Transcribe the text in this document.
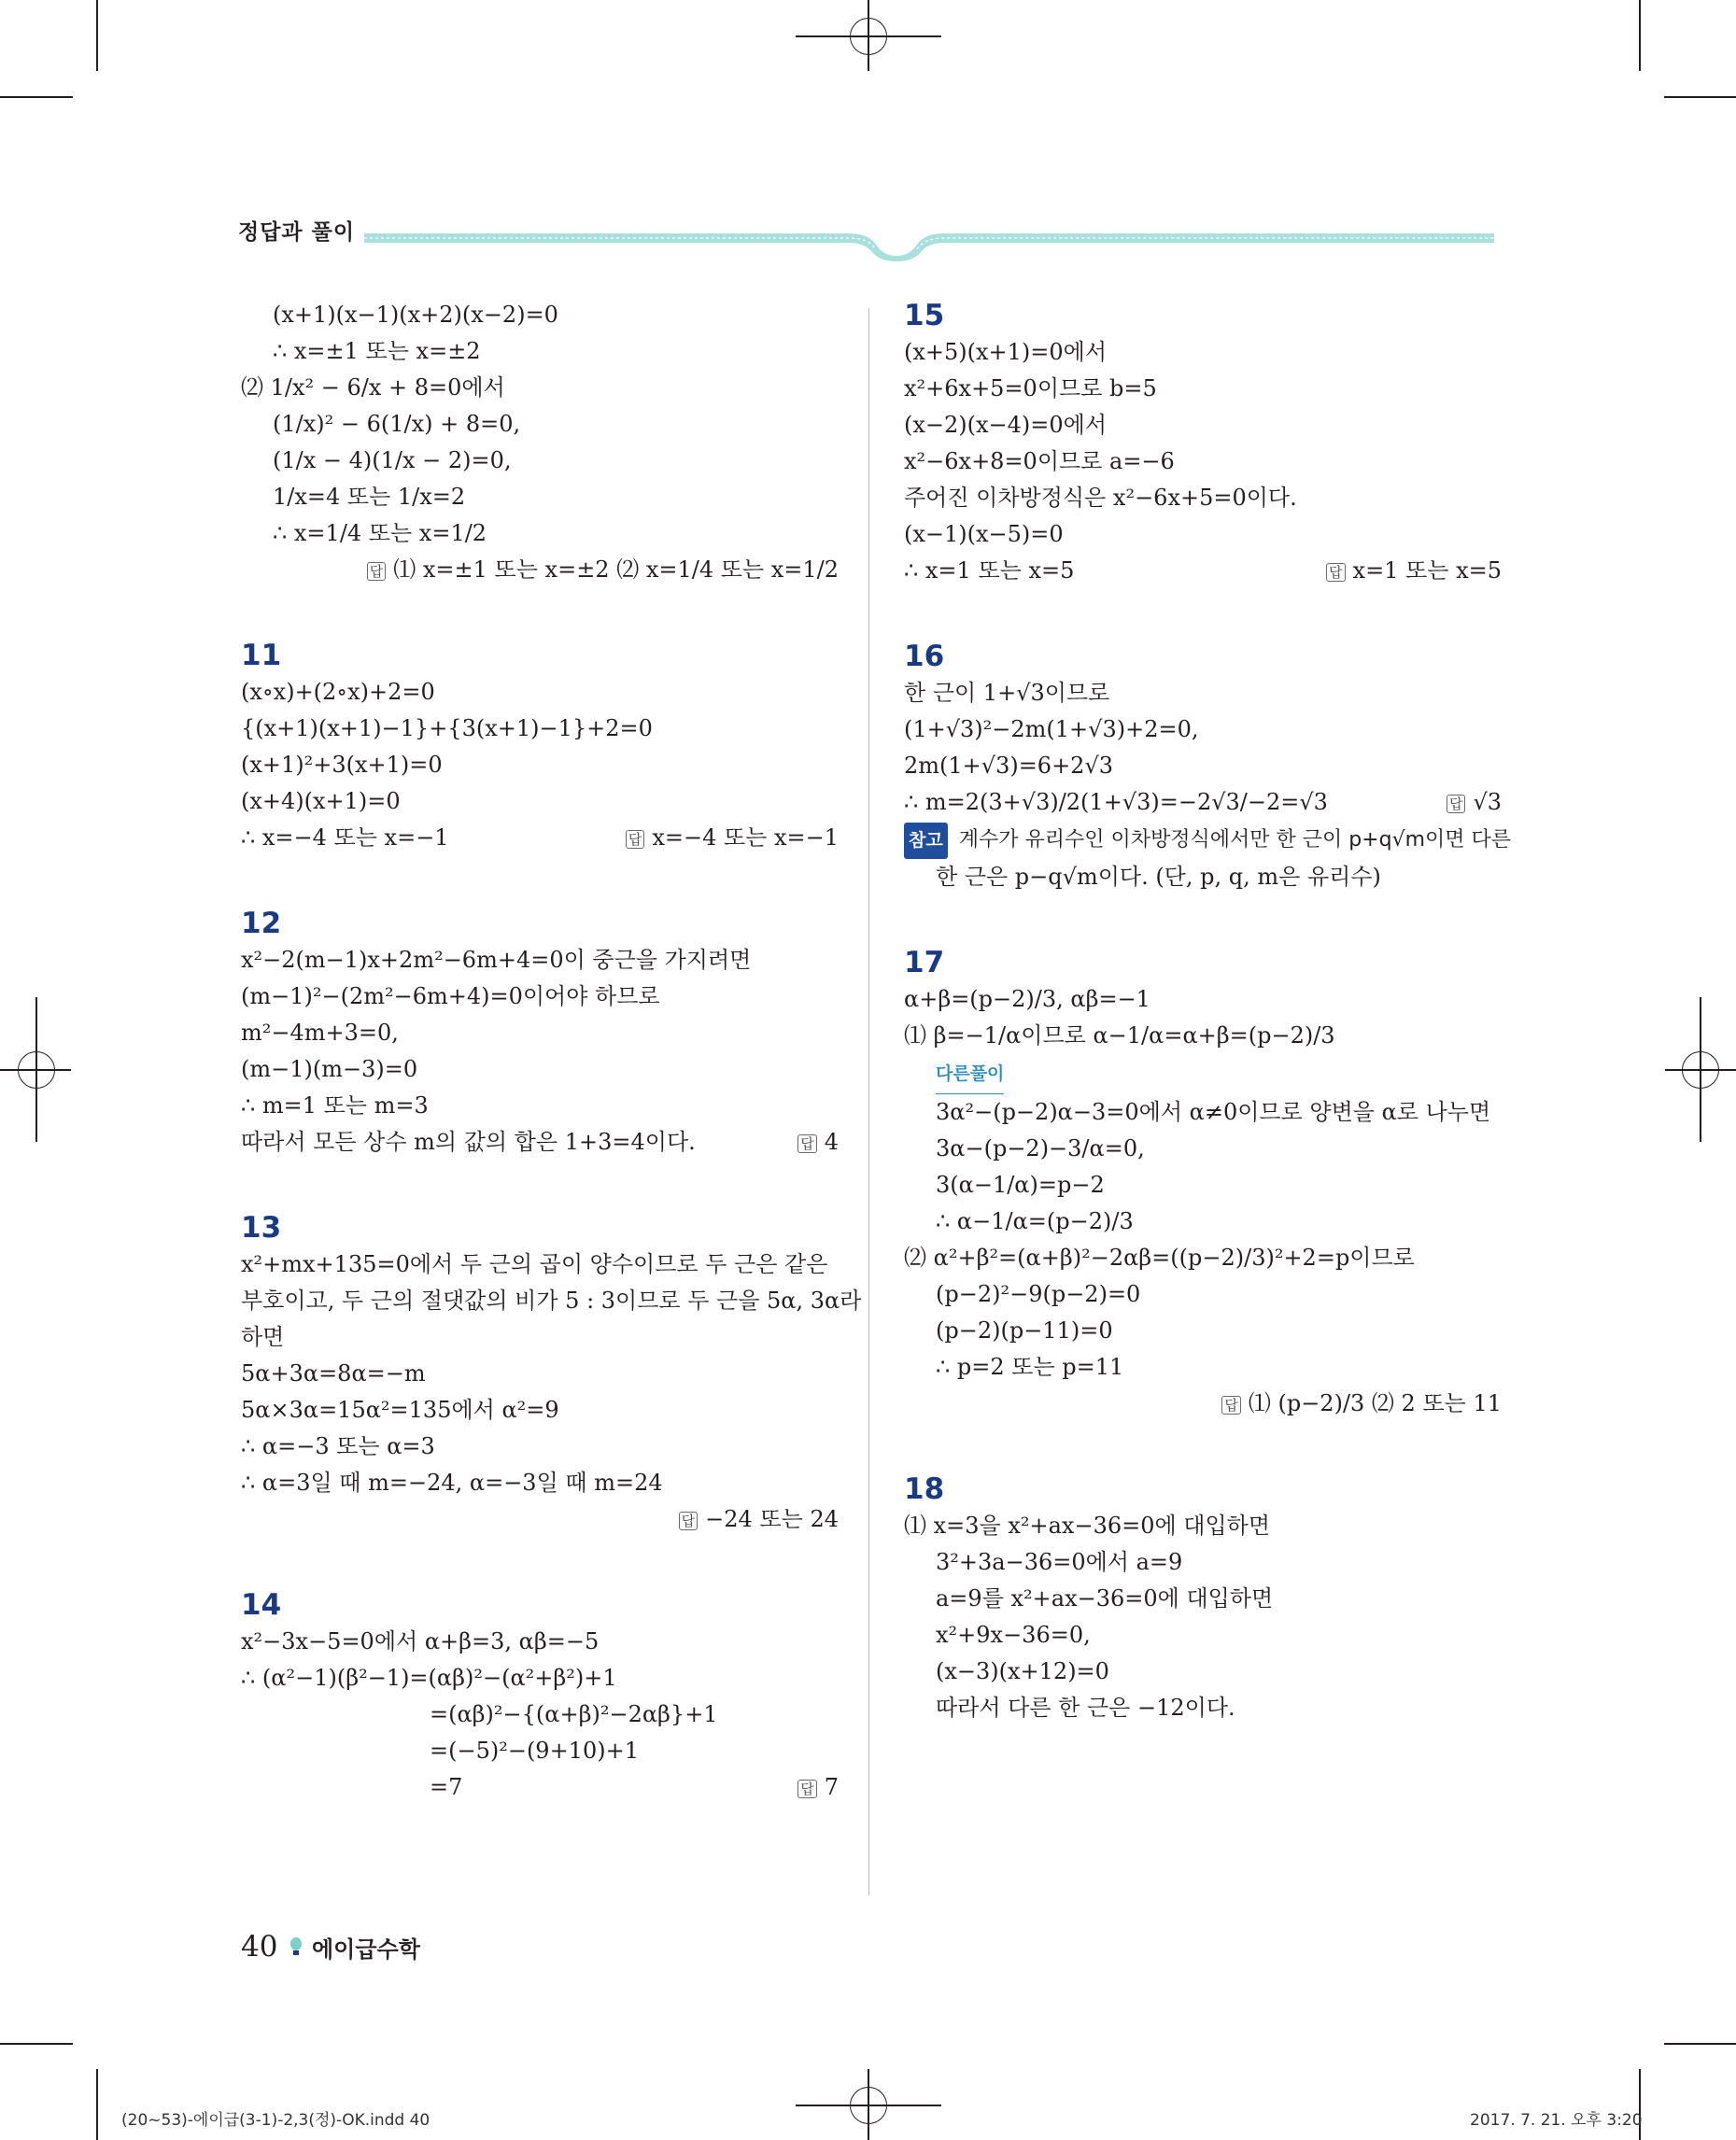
정답과 풀이
(x+1)(x−1)(x+2)(x−2)=0
∴ x=±1 또는 x=±2
⑵ 1/x² − 6/x + 8=0에서
(1/x)² − 6(1/x) + 8=0,
(1/x − 4)(1/x − 2)=0,
1/x=4 또는 1/x=2
∴ x=1/4 또는 x=1/2
답 ⑴ x=±1 또는 x=±2 ⑵ x=1/4 또는 x=1/2
11
(x∘x)+(2∘x)+2=0
{(x+1)(x+1)−1}+{3(x+1)−1}+2=0
(x+1)²+3(x+1)=0
(x+4)(x+1)=0
∴ x=−4 또는 x=−1	답 x=−4 또는 x=−1
12
x²−2(m−1)x+2m²−6m+4=0이 중근을 가지려면
(m−1)²−(2m²−6m+4)=0이어야 하므로
m²−4m+3=0,
(m−1)(m−3)=0
∴ m=1 또는 m=3
따라서 모든 상수 m의 값의 합은 1+3=4이다.	답 4
13
x²+mx+135=0에서 두 근의 곱이 양수이므로 두 근은 같은
부호이고, 두 근의 절댓값의 비가 5 : 3이므로 두 근을 5α, 3α라
하면
5α+3α=8α=−m
5α×3α=15α²=135에서 α²=9
∴ α=−3 또는 α=3
∴ α=3일 때 m=−24, α=−3일 때 m=24
답 −24 또는 24
14
x²−3x−5=0에서 α+β=3, αβ=−5
∴ (α²−1)(β²−1)=(αβ)²−(α²+β²)+1
=(αβ)²−{(α+β)²−2αβ}+1
=(−5)²−(9+10)+1
=7	답 7
15
(x+5)(x+1)=0에서
x²+6x+5=0이므로 b=5
(x−2)(x−4)=0에서
x²−6x+8=0이므로 a=−6
주어진 이차방정식은 x²−6x+5=0이다.
(x−1)(x−5)=0
∴ x=1 또는 x=5	답 x=1 또는 x=5
16
한 근이 1+√3이므로
(1+√3)²−2m(1+√3)+2=0,
2m(1+√3)=6+2√3
∴ m=2(3+√3)/2(1+√3)=−2√3/−2=√3	답 √3
참고 계수가 유리수인 이차방정식에서만 한 근이 p+q√m이면 다른
한 근은 p−q√m이다. (단, p, q, m은 유리수)
17
α+β=(p−2)/3, αβ=−1
⑴ β=−1/α이므로 α−1/α=α+β=(p−2)/3
다른풀이
3α²−(p−2)α−3=0에서 α≠0이므로 양변을 α로 나누면
3α−(p−2)−3/α=0,
3(α−1/α)=p−2
∴ α−1/α=(p−2)/3
⑵ α²+β²=(α+β)²−2αβ=((p−2)/3)²+2=p이므로
(p−2)²−9(p−2)=0
(p−2)(p−11)=0
∴ p=2 또는 p=11
답 ⑴ (p−2)/3 ⑵ 2 또는 11
18
⑴ x=3을 x²+ax−36=0에 대입하면
3²+3a−36=0에서 a=9
a=9를 x²+ax−36=0에 대입하면
x²+9x−36=0,
(x−3)(x+12)=0
따라서 다른 한 근은 −12이다.
40 에이급수학
(20~53)-에이급(3-1)-2,3(정)-OK.indd 40	2017. 7. 21. 오후 3:20
